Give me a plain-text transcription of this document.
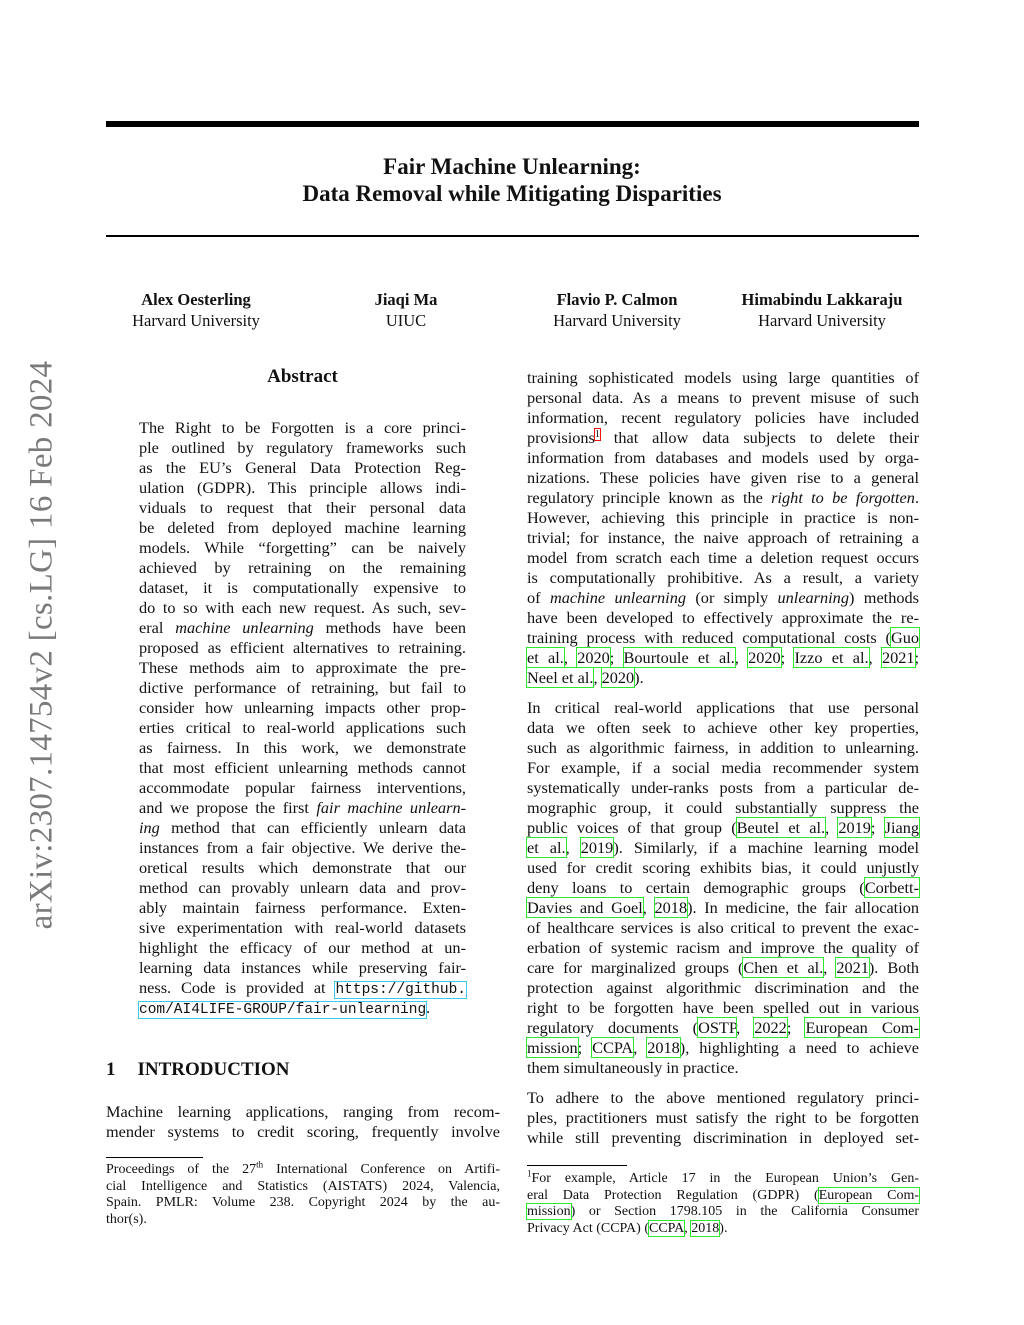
arXiv:2307.14754v2 [cs.LG] 16 Feb 2024
Fair Machine Unlearning:
Data Removal while Mitigating Disparities
Alex Oesterling
Harvard University
Jiaqi Ma
UIUC
Flavio P. Calmon
Harvard University
Himabindu Lakkaraju
Harvard University
Abstract
The Right to be Forgotten is a core princi-
ple outlined by regulatory frameworks such
as the EU’s General Data Protection Reg-
ulation (GDPR). This principle allows indi-
viduals to request that their personal data
be deleted from deployed machine learning
models. While “forgetting” can be naively
achieved by retraining on the remaining
dataset, it is computationally expensive to
do to so with each new request. As such, sev-
eral machine unlearning methods have been
proposed as efficient alternatives to retraining.
These methods aim to approximate the pre-
dictive performance of retraining, but fail to
consider how unlearning impacts other prop-
erties critical to real-world applications such
as fairness. In this work, we demonstrate
that most efficient unlearning methods cannot
accommodate popular fairness interventions,
and we propose the first fair machine unlearn-
ing method that can efficiently unlearn data
instances from a fair objective. We derive the-
oretical results which demonstrate that our
method can provably unlearn data and prov-
ably maintain fairness performance. Exten-
sive experimentation with real-world datasets
highlight the efficacy of our method at un-
learning data instances while preserving fair-
ness. Code is provided at https://github.
com/AI4LIFE-GROUP/fair-unlearning.
1 INTRODUCTION
Machine learning applications, ranging from recom-
mender systems to credit scoring, frequently involve
Proceedings of the 27th International Conference on Artifi-
cial Intelligence and Statistics (AISTATS) 2024, Valencia,
Spain. PMLR: Volume 238. Copyright 2024 by the au-
thor(s).
training sophisticated models using large quantities of
personal data. As a means to prevent misuse of such
information, recent regulatory policies have included
provisions$^1$ that allow data subjects to delete their
information from databases and models used by orga-
nizations. These policies have given rise to a general
regulatory principle known as the right to be forgotten.
However, achieving this principle in practice is non-
trivial; for instance, the naive approach of retraining a
model from scratch each time a deletion request occurs
is computationally prohibitive. As a result, a variety
of machine unlearning (or simply unlearning) methods
have been developed to effectively approximate the re-
training process with reduced computational costs (Guo
et al., 2020; Bourtoule et al., 2020; Izzo et al., 2021;
Neel et al., 2020).
In critical real-world applications that use personal
data we often seek to achieve other key properties,
such as algorithmic fairness, in addition to unlearning.
For example, if a social media recommender system
systematically under-ranks posts from a particular de-
mographic group, it could substantially suppress the
public voices of that group (Beutel et al., 2019; Jiang
et al., 2019). Similarly, if a machine learning model
used for credit scoring exhibits bias, it could unjustly
deny loans to certain demographic groups (Corbett-
Davies and Goel, 2018). In medicine, the fair allocation
of healthcare services is also critical to prevent the exac-
erbation of systemic racism and improve the quality of
care for marginalized groups (Chen et al., 2021). Both
protection against algorithmic discrimination and the
right to be forgotten have been spelled out in various
regulatory documents (OSTP, 2022; European Com-
mission; CCPA, 2018), highlighting a need to achieve
them simultaneously in practice.
To adhere to the above mentioned regulatory princi-
ples, practitioners must satisfy the right to be forgotten
while still preventing discrimination in deployed set-
$^1$For example, Article 17 in the European Union’s Gen-
eral Data Protection Regulation (GDPR) (European Com-
mission) or Section 1798.105 in the California Consumer
Privacy Act (CCPA) (CCPA, 2018).
